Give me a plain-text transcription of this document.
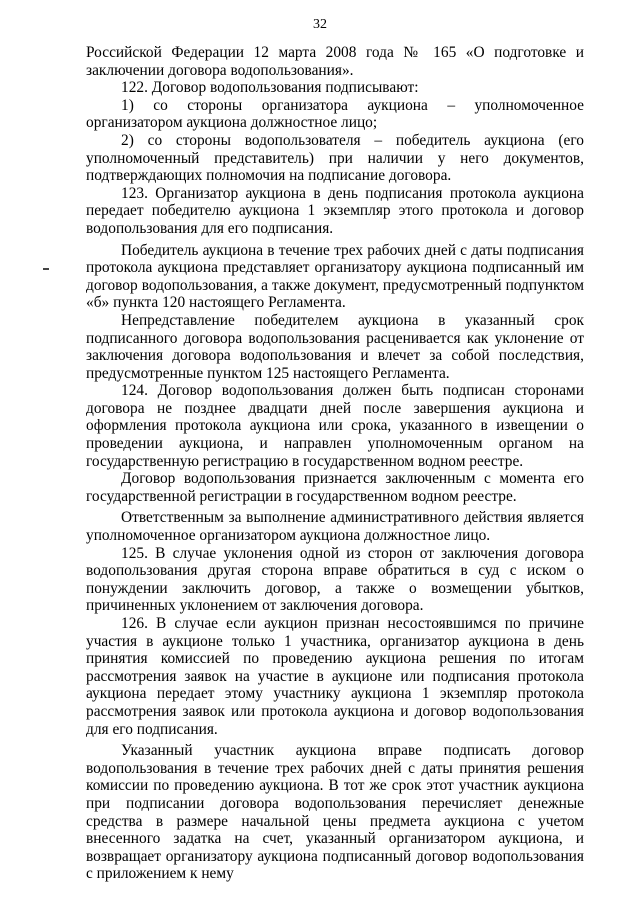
32

Российской Федерации 12 марта 2008 года № 165 «О подготовке и заключении договора водопользования».

122. Договор водопользования подписывают:

1) со стороны организатора аукциона – уполномоченное организатором аукциона должностное лицо;

2) со стороны водопользователя – победитель аукциона (его уполномоченный представитель) при наличии у него документов, подтверждающих полномочия на подписание договора.

123. Организатор аукциона в день подписания протокола аукциона передает победителю аукциона 1 экземпляр этого протокола и договор водопользования для его подписания.

Победитель аукциона в течение трех рабочих дней с даты подписания протокола аукциона представляет организатору аукциона подписанный им договор водопользования, а также документ, предусмотренный подпунктом «б» пункта 120 настоящего Регламента.

Непредставление победителем аукциона в указанный срок подписанного договора водопользования расценивается как уклонение от заключения договора водопользования и влечет за собой последствия, предусмотренные пунктом 125 настоящего Регламента.

124. Договор водопользования должен быть подписан сторонами договора не позднее двадцати дней после завершения аукциона и оформления протокола аукциона или срока, указанного в извещении о проведении аукциона, и направлен уполномоченным органом на государственную регистрацию в государственном водном реестре.

Договор водопользования признается заключенным с момента его государственной регистрации в государственном водном реестре.

Ответственным за выполнение административного действия является уполномоченное организатором аукциона должностное лицо.

125. В случае уклонения одной из сторон от заключения договора водопользования другая сторона вправе обратиться в суд с иском о понуждении заключить договор, а также о возмещении убытков, причиненных уклонением от заключения договора.

126. В случае если аукцион признан несостоявшимся по причине участия в аукционе только 1 участника, организатор аукциона в день принятия комиссией по проведению аукциона решения по итогам рассмотрения заявок на участие в аукционе или подписания протокола аукциона передает этому участнику аукциона 1 экземпляр протокола рассмотрения заявок или протокола аукциона и договор водопользования для его подписания.

Указанный участник аукциона вправе подписать договор водопользования в течение трех рабочих дней с даты принятия решения комиссии по проведению аукциона. В тот же срок этот участник аукциона при подписании договора водопользования перечисляет денежные средства в размере начальной цены предмета аукциона с учетом внесенного задатка на счет, указанный организатором аукциона, и возвращает организатору аукциона подписанный договор водопользования с приложением к нему
